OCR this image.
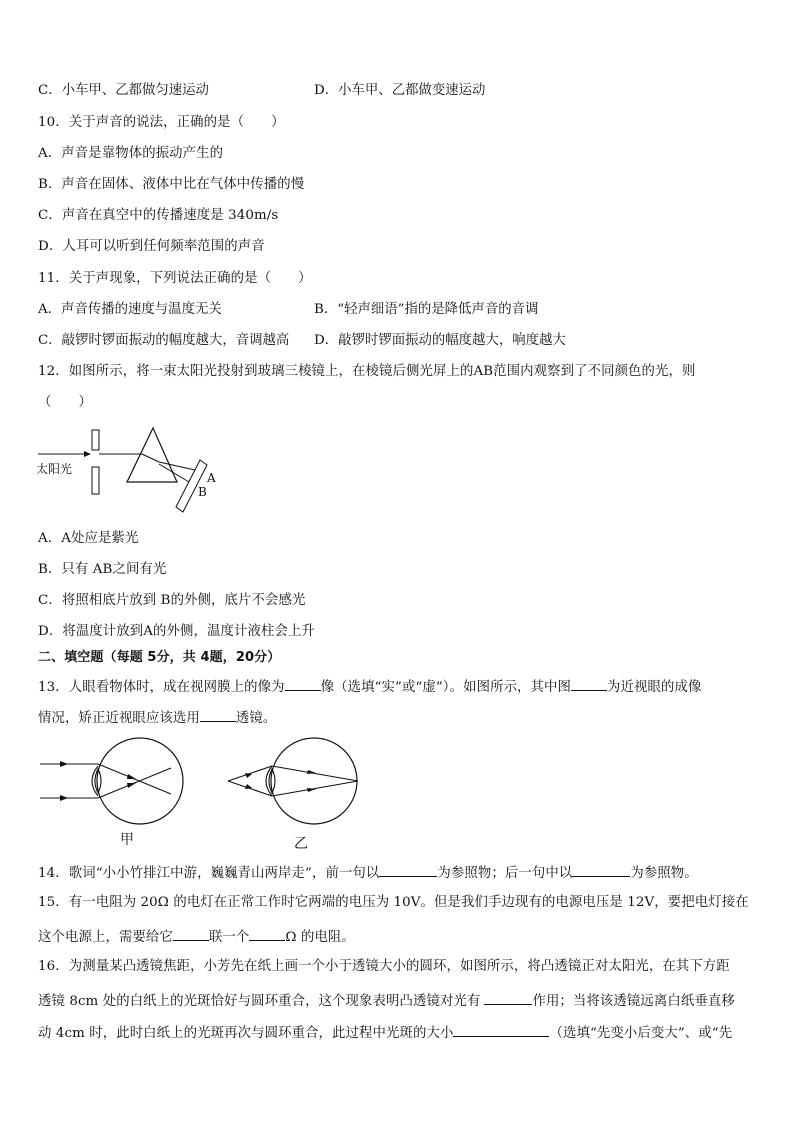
C．小车甲、乙都做匀速运动	D．小车甲、乙都做变速运动
10．关于声音的说法，正确的是（　　）
A．声音是靠物体的振动产生的
B．声音在固体、液体中比在气体中传播的慢
C．声音在真空中的传播速度是 340m/s
D．人耳可以听到任何频率范围的声音
11．关于声现象，下列说法正确的是（　　）
A．声音传播的速度与温度无关	B．“轻声细语”指的是降低声音的音调
C．敲锣时锣面振动的幅度越大，音调越高 D．敲锣时锣面振动的幅度越大，响度越大
12．如图所示，将一束太阳光投射到玻璃三棱镜上，在棱镜后侧光屏上的AB范围内观察到了不同颜色的光，则
（　　）
太阳光
A
B
A．A处应是紫光
B．只有 AB之间有光
C．将照相底片放到 B的外侧，底片不会感光
D．将温度计放到A的外侧，温度计液柱会上升
二、填空题（每题 5分，共 4题，20分）
13．人眼看物体时，成在视网膜上的像为	像（选填“实”或“虚”）。如图所示，其中图	为近视眼的成像
情况，矫正近视眼应该选用	透镜。
甲	乙
14．歌词“小小竹排江中游，巍巍青山两岸走”，前一句以	为参照物；后一句中以	为参照物。
15．有一电阻为 20Ω 的电灯在正常工作时它两端的电压为 10V。但是我们手边现有的电源电压是 12V，要把电灯接在
这个电源上，需要给它	联一个	Ω 的电阻。
16．为测量某凸透镜焦距，小芳先在纸上画一个小于透镜大小的圆环，如图所示，将凸透镜正对太阳光，在其下方距
透镜 8cm 处的白纸上的光斑恰好与圆环重合，这个现象表明凸透镜对光有	作用；当将该透镜远离白纸垂直移
动 4cm 时，此时白纸上的光斑再次与圆环重合，此过程中光斑的大小	（选填“先变小后变大”、或“先
